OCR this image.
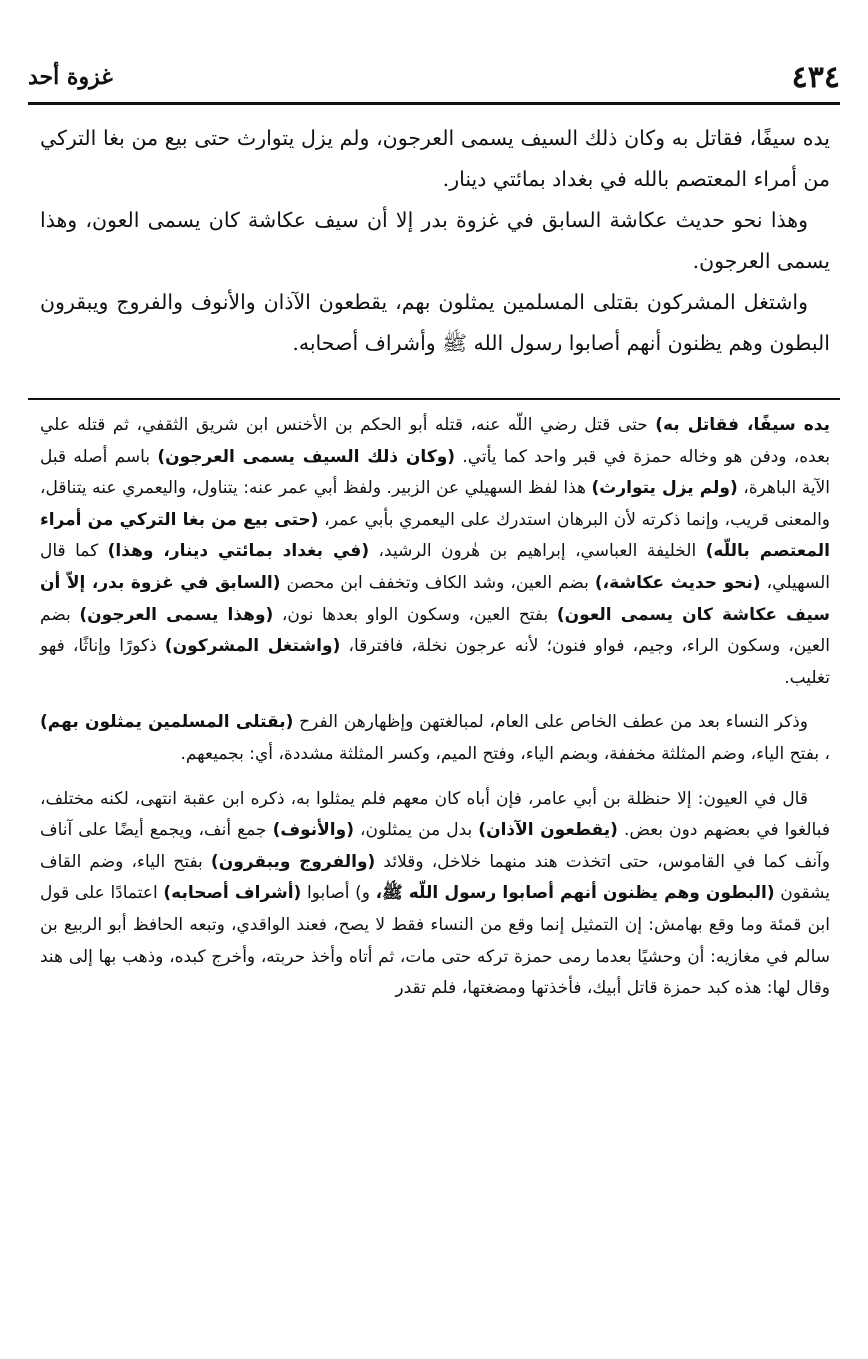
٤٣٤
غزوة أحد

يده سيفًا، فقاتل به وكان ذلك السيف يسمى العرجون، ولم يزل يتوارث حتى بيع من بغا التركي من أمراء المعتصم بالله في بغداد بمائتي دينار.

وهذا نحو حديث عكاشة السابق في غزوة بدر إلا أن سيف عكاشة كان يسمى العون، وهذا يسمى العرجون.

واشتغل المشركون بقتلى المسلمين يمثلون بهم، يقطعون الآذان والأنوف والفروج ويبقرون البطون وهم يظنون أنهم أصابوا رسول الله ﷺ وأشراف أصحابه.

يده سيفًا، فقاتل به) حتى قتل رضي اللّه عنه، قتله أبو الحكم بن الأخنس ابن شريق الثقفي، ثم قتله علي بعده، ودفن هو وخاله حمزة في قبر واحد كما يأتي. (وكان ذلك السيف يسمى العرجون) باسم أصله قبل الآية الباهرة، (ولم يزل يتوارث) هذا لفظ السهيلي عن الزبير. ولفظ أبي عمر عنه: يتناول، واليعمري عنه يتناقل، والمعنى قريب، وإنما ذكرته لأن البرهان استدرك على اليعمري بأبي عمر، (حتى بيع من بغا التركي من أمراء المعتصم باللّه) الخليفة العباسي، إبراهيم بن هٰرون الرشيد، (في بغداد بمائتي دينار، وهذا) كما قال السهيلي، (نحو حديث عكاشة،) بضم العين، وشد الكاف وتخفف ابن محصن (السابق في غزوة بدر، إلاّ أن سيف عكاشة كان يسمى العون) بفتح العين، وسكون الواو بعدها نون، (وهذا يسمى العرجون) بضم العين، وسكون الراء، وجيم، فواو فنون؛ لأنه عرجون نخلة، فافترقا، (واشتغل المشركون) ذكورًا وإناثًا، فهو تغليب.

وذكر النساء بعد من عطف الخاص على العام، لمبالغتهن وإظهارهن الفرح (بقتلى المسلمين يمثلون بهم) ، بفتح الياء، وضم المثلثة مخففة، وبضم الياء، وفتح الميم، وكسر المثلثة مشددة، أي: بجميعهم.

قال في العيون: إلا حنظلة بن أبي عامر، فإن أباه كان معهم فلم يمثلوا به، ذكره ابن عقبة انتهى، لكنه مختلف، فبالغوا في بعضهم دون بعض. (يقطعون الآذان) بدل من يمثلون، (والأنوف) جمع أنف، ويجمع أيضًا على آناف وآنف كما في القاموس، حتى اتخذت هند منهما خلاخل، وقلائد (والفروج ويبقرون) بفتح الياء، وضم القاف يشقون (البطون وهم يظنون أنهم أصابوا رسول اللّه ﷺ، و) أصابوا (أشراف أصحابه) اعتمادًا على قول ابن قمئة وما وقع بهامش: إن التمثيل إنما وقع من النساء فقط لا يصح، فعند الواقدي، وتبعه الحافظ أبو الربيع بن سالم في مغازيه: أن وحشيًا بعدما رمى حمزة تركه حتى مات، ثم أتاه وأخذ حربته، وأخرج كبده، وذهب بها إلى هند وقال لها: هذه كبد حمزة قاتل أبيك، فأخذتها ومضغتها، فلم تقدر
